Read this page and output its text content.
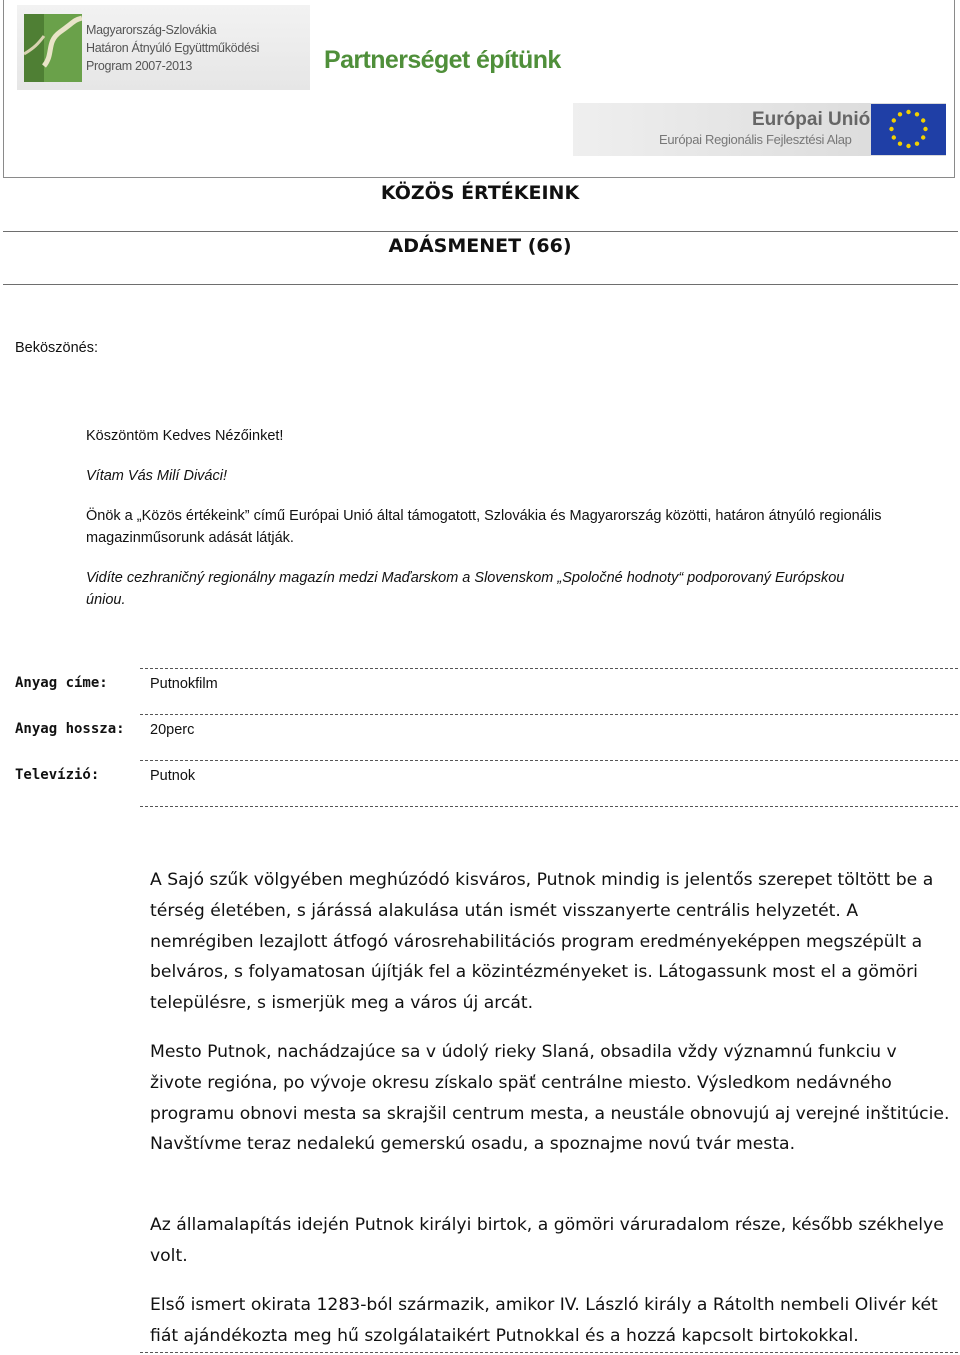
Magyarország-Szlovákia
Határon Átnyúló Együttműködési
Program 2007-2013	Partnerséget építünk
Európai Unió
Európai Regionális Fejlesztési Alap
KÖZÖS ÉRTÉKEINK
ADÁSMENET (66)
Beköszönés:
Köszöntöm Kedves Nézőinket!
Vítam Vás Milí Diváci!
Önök a „Közös értékeink” című Európai Unió által támogatott, Szlovákia és Magyarország közötti, határon átnyúló regionális magazinműsorunk adását látják.
Vidíte cezhraničný regionálny magazín medzi Maďarskom a Slovenskom „Spoločné hodnoty“ podporovaný Európskou úniou.
Anyag címe:	Putnokfilm
Anyag hossza: 20perc
Televízió:	Putnok

A Sajó szűk völgyében meghúzódó kisváros, Putnok mindig is jelentős szerepet töltött be a térség életében, s járássá alakulása után ismét visszanyerte centrális helyzetét. A nemrégiben lezajlott átfogó városrehabilitációs program eredményeképpen megszépült a belváros, s folyamatosan újítják fel a közintézményeket is. Látogassunk most el a gömöri településre, s ismerjük meg a város új arcát.

Mesto Putnok, nachádzajúce sa v údolý rieky Slaná, obsadila vždy významnú funkciu v živote regióna, po vývoje okresu získalo späť centrálne miesto. Výsledkom nedávného programu obnovi mesta sa skrajšil centrum mesta, a neustále obnovujú aj verejné inštitúcie. Navštívme teraz nedalekú gemerskú osadu, a spoznajme novú tvár mesta.

Az államalapítás idején Putnok királyi birtok, a gömöri váruradalom része, később székhelye volt.

Első ismert okirata 1283-ból származik, amikor IV. László király a Rátolth nembeli Olivér két fiát ajándékozta meg hű szolgálataikért Putnokkal és a hozzá kapcsolt birtokokkal.
